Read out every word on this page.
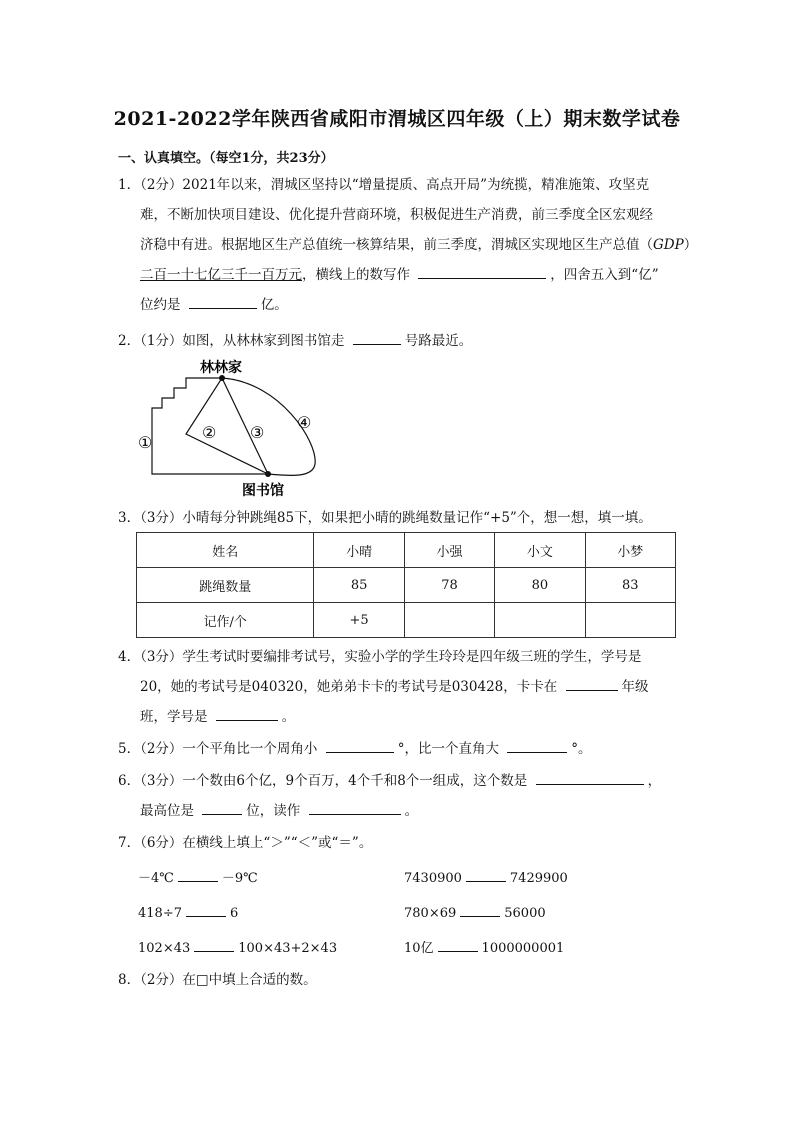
2021-2022学年陕西省咸阳市渭城区四年级（上）期末数学试卷
一、认真填空。（每空1分，共23分）
1．（2分）2021年以来，渭城区坚持以“增量提质、高点开局”为统揽，精准施策、攻坚克
难，不断加快项目建设、优化提升营商环境，积极促进生产消费，前三季度全区宏观经
济稳中有进。根据地区生产总值统一核算结果，前三季度，渭城区实现地区生产总值（GDP）
二百一十七亿三千一百万元，横线上的数写作	，四舍五入到“亿”
位约是	亿。
2．（1分）如图，从林林家到图书馆走	号路最近。
林林家
图书馆
①
② ③
④
3．（3分）小晴每分钟跳绳85下，如果把小晴的跳绳数量记作“+5”个，想一想，填一填。
姓名	小晴	小强	小文	小梦
跳绳数量	85	78	80	83
记作/个	+5			
4．（3分）学生考试时要编排考试号，实验小学的学生玲玲是四年级三班的学生，学号是
20，她的考试号是040320，她弟弟卡卡的考试号是030428，卡卡在	年级
班，学号是	。
5．（2分）一个平角比一个周角小	°，比一个直角大	°。
6．（3分）一个数由6个亿，9个百万，4个千和8个一组成，这个数是	，
最高位是	位，读作	。
7．（6分）在横线上填上“＞”“＜”或“＝”。
－4℃	－9℃	7430900	7429900
418÷7	6	780×69	56000
102×43	100×43+2×43	10亿	1000000001
8．（2分）在□中填上合适的数。
